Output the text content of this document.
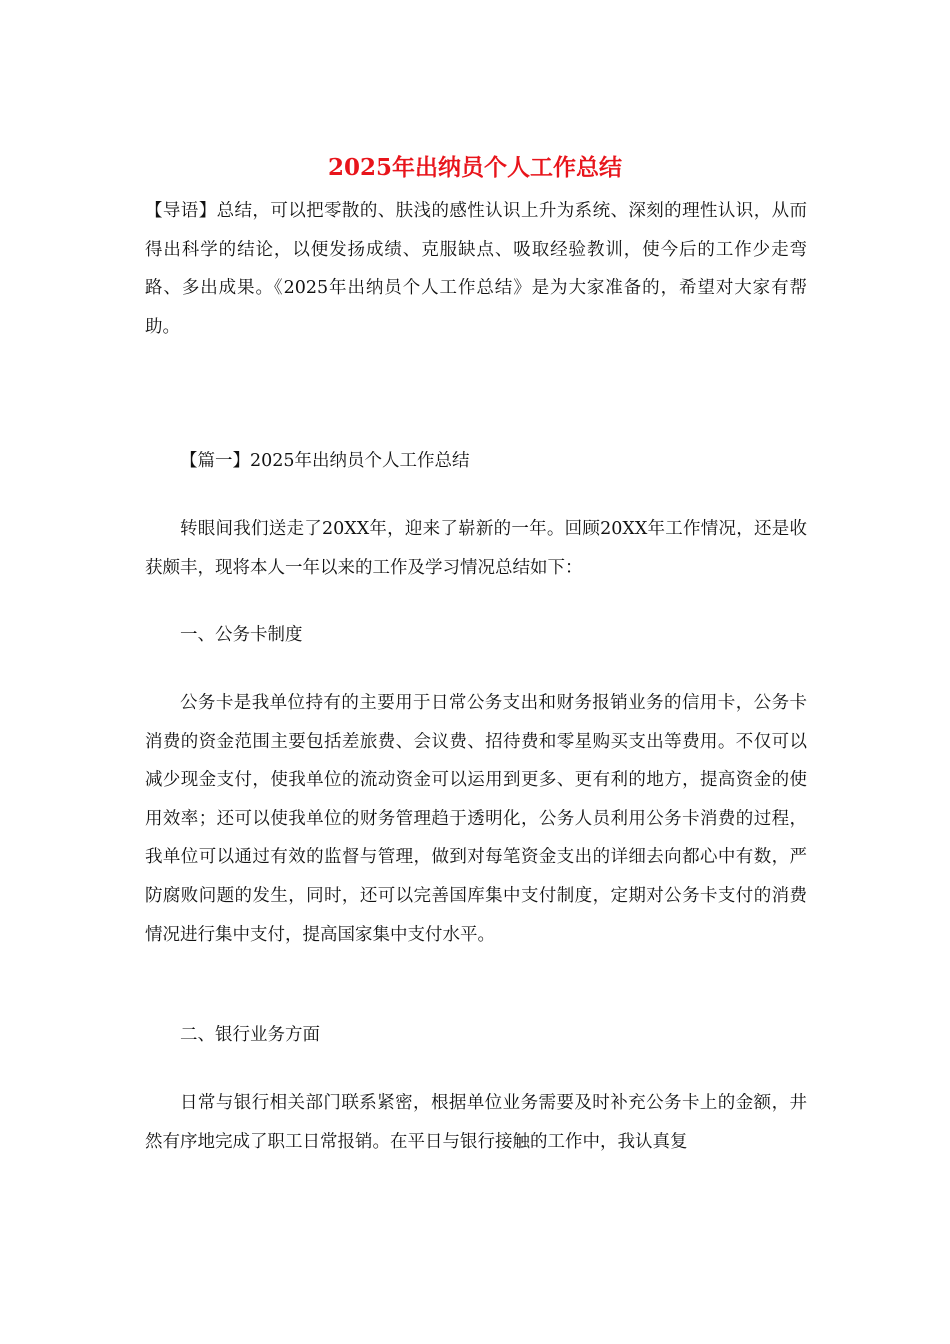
2025年出纳员个人工作总结

【导语】总结，可以把零散的、肤浅的感性认识上升为系统、深刻的理性认识，从而得出科学的结论，以便发扬成绩、克服缺点、吸取经验教训，使今后的工作少走弯路、多出成果。《2025年出纳员个人工作总结》是为大家准备的，希望对大家有帮助。

【篇一】2025年出纳员个人工作总结

转眼间我们送走了20XX年，迎来了崭新的一年。回顾20XX年工作情况，还是收获颇丰，现将本人一年以来的工作及学习情况总结如下：

一、公务卡制度

公务卡是我单位持有的主要用于日常公务支出和财务报销业务的信用卡，公务卡消费的资金范围主要包括差旅费、会议费、招待费和零星购买支出等费用。不仅可以减少现金支付，使我单位的流动资金可以运用到更多、更有利的地方，提高资金的使用效率；还可以使我单位的财务管理趋于透明化，公务人员利用公务卡消费的过程，我单位可以通过有效的监督与管理，做到对每笔资金支出的详细去向都心中有数，严防腐败问题的发生，同时，还可以完善国库集中支付制度，定期对公务卡支付的消费情况进行集中支付，提高国家集中支付水平。

二、银行业务方面

日常与银行相关部门联系紧密，根据单位业务需要及时补充公务卡上的金额，井然有序地完成了职工日常报销。在平日与银行接触的工作中，我认真复
